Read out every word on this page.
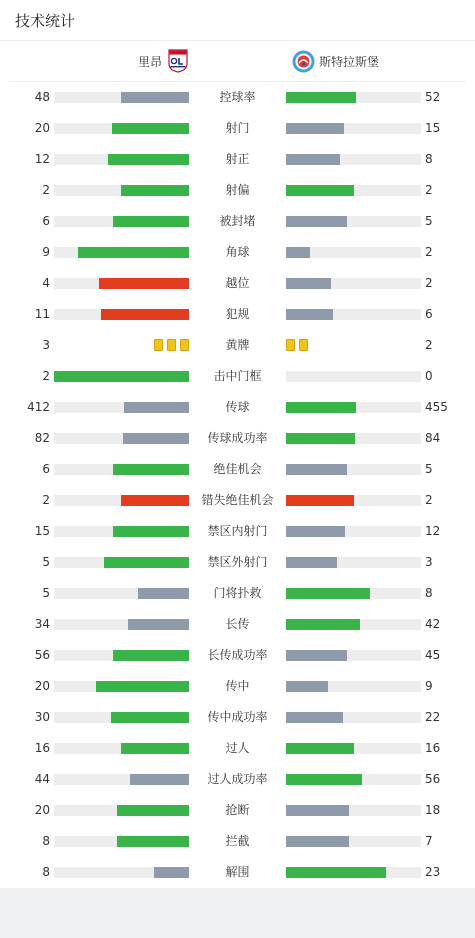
技术统计
里昂	斯特拉斯堡
48	控球率	52
20	射门	15
12	射正	8
2	射偏	2
6	被封堵	5
9	角球	2
4	越位	2
11	犯规	6
3	黄牌	2
2	击中门框	0
412	传球	455
82	传球成功率	84
6	绝佳机会	5
2	错失绝佳机会	2
15	禁区内射门	12
5	禁区外射门	3
5	门将扑救	8
34	长传	42
56	长传成功率	45
20	传中	9
30	传中成功率	22
16	过人	16
44	过人成功率	56
20	抢断	18
8	拦截	7
8	解围	23
